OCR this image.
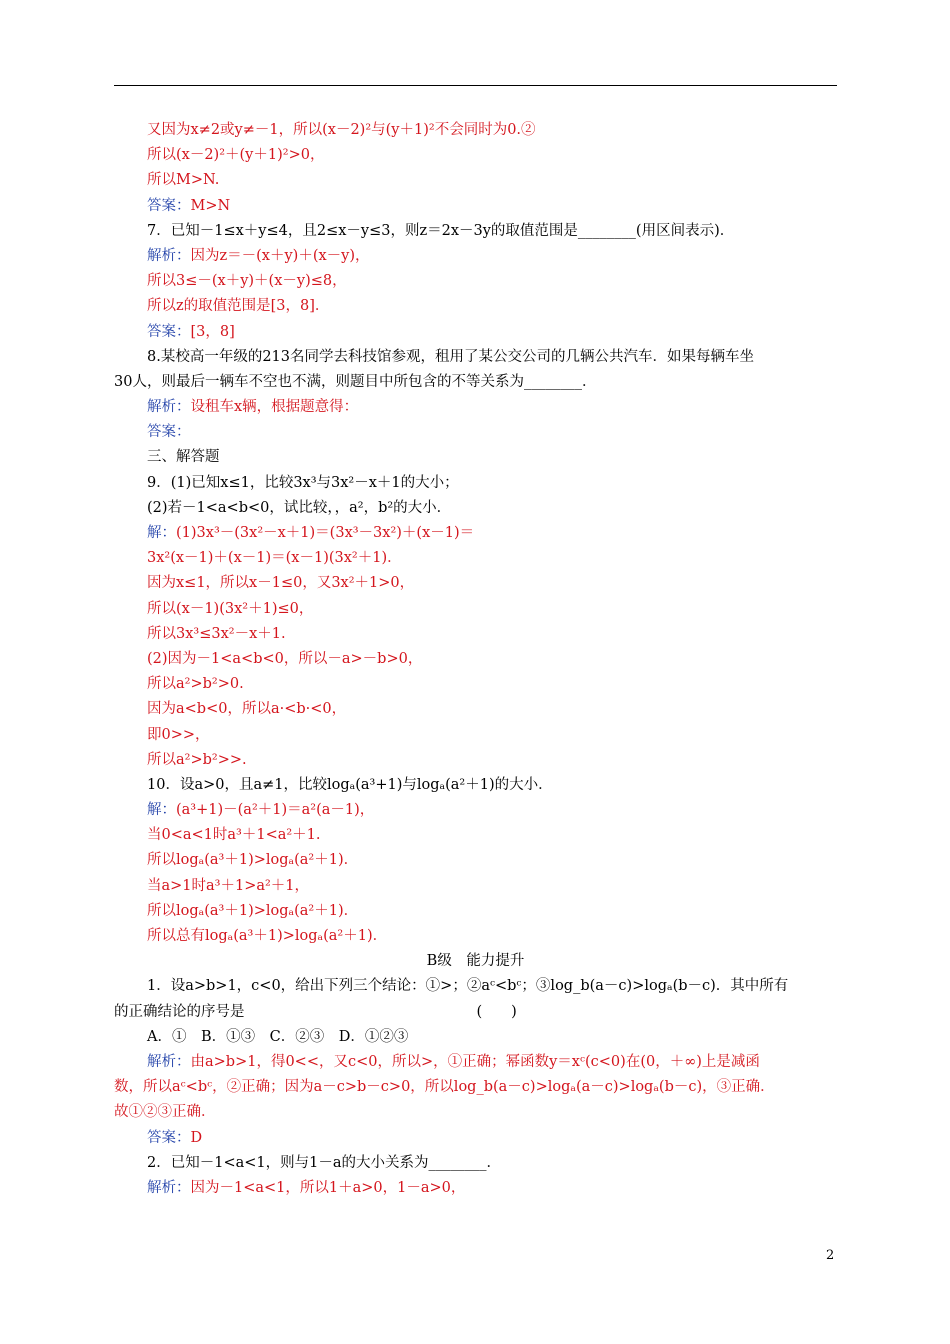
又因为x≠2或y≠－1，所以(x－2)²与(y＋1)²不会同时为0.②
所以(x－2)²＋(y＋1)²>0，
所以M>N.
答案：M>N
7．已知－1≤x＋y≤4，且2≤x－y≤3，则z＝2x－3y的取值范围是________(用区间表示)．
解析：因为z＝－(x＋y)＋(x－y)，
所以3≤－(x＋y)＋(x－y)≤8，
所以z的取值范围是[3，8]．
答案：[3，8]
8.某校高一年级的213名同学去科技馆参观，租用了某公交公司的几辆公共汽车．如果每辆车坐
30人，则最后一辆车不空也不满，则题目中所包含的不等关系为________．
解析：设租车x辆，根据题意得：
答案：
三、解答题
9．(1)已知x≤1，比较3x³与3x²－x＋1的大小；
(2)若－1<a<b<0，试比较，，a²，b²的大小．
解：(1)3x³－(3x²－x＋1)＝(3x³－3x²)＋(x－1)＝
3x²(x－1)＋(x－1)＝(x－1)(3x²＋1)．
因为x≤1，所以x－1≤0，又3x²＋1>0，
所以(x－1)(3x²＋1)≤0，
所以3x³≤3x²－x＋1.
(2)因为－1<a<b<0，所以－a>－b>0，
所以a²>b²>0.
因为a<b<0，所以a·<b·<0，
即0>>，
所以a²>b²>>.
10．设a>0，且a≠1，比较logₐ(a³+1)与logₐ(a²＋1)的大小．
解：(a³+1)－(a²＋1)＝a²(a－1)，
当0<a<1时a³＋1<a²＋1.
所以logₐ(a³＋1)>logₐ(a²＋1)．
当a>1时a³＋1>a²＋1，
所以logₐ(a³＋1)>logₐ(a²＋1)．
所以总有logₐ(a³＋1)>logₐ(a²＋1)．
B级　能力提升
1．设a>b>1，c<0，给出下列三个结论：①>；②aᶜ<bᶜ；③log_b(a－c)>logₐ(b－c)．其中所有
的正确结论的序号是　　　　　　　　　　　　　　　　(　　)
A．①　B．①③　C．②③　D．①②③
解析：由a>b>1，得0<<，又c<0，所以>，①正确；幂函数y＝xᶜ(c<0)在(0，＋∞)上是减函
数，所以aᶜ<bᶜ，②正确；因为a－c>b－c>0，所以log_b(a－c)>logₐ(a－c)>logₐ(b－c)，③正确．
故①②③正确．
答案：D
2．已知－1<a<1，则与1－a的大小关系为________．
解析：因为－1<a<1，所以1＋a>0，1－a>0，
2
